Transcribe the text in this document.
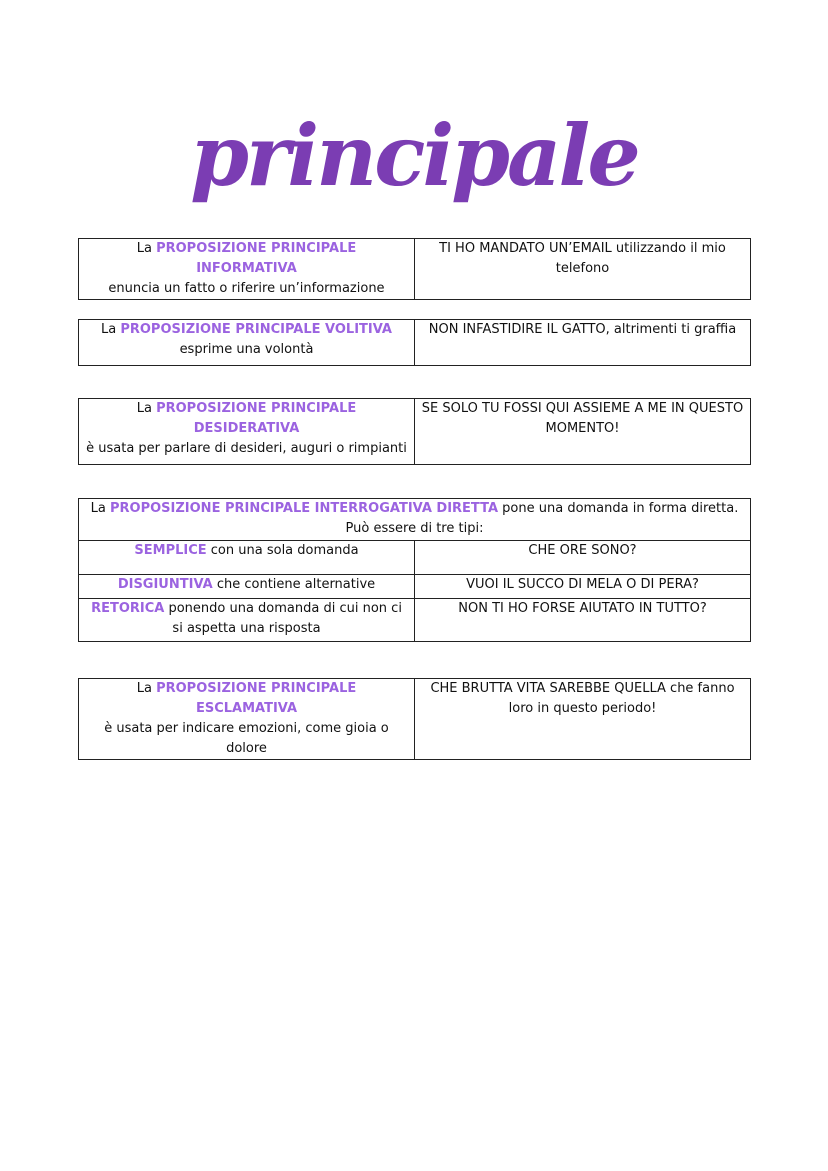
principale
La PROPOSIZIONE PRINCIPALE INFORMATIVA
enuncia un fatto o riferire un’informazione	TI HO MANDATO UN’EMAIL utilizzando il mio telefono
La PROPOSIZIONE PRINCIPALE VOLITIVA
esprime una volontà	NON INFASTIDIRE IL GATTO, altrimenti ti graffia
La PROPOSIZIONE PRINCIPALE DESIDERATIVA
è usata per parlare di desideri, auguri o rimpianti	SE SOLO TU FOSSI QUI ASSIEME A ME IN QUESTO MOMENTO!
La PROPOSIZIONE PRINCIPALE INTERROGATIVA DIRETTA pone una domanda in forma diretta. Può essere di tre tipi:	
SEMPLICE con una sola domanda	CHE ORE SONO?
DISGIUNTIVA che contiene alternative	VUOI IL SUCCO DI MELA O DI PERA?
RETORICA ponendo una domanda di cui non ci si aspetta una risposta	NON TI HO FORSE AIUTATO IN TUTTO?
La PROPOSIZIONE PRINCIPALE ESCLAMATIVA
è usata per indicare emozioni, come gioia o dolore	CHE BRUTTA VITA SAREBBE QUELLA che fanno loro in questo periodo!
